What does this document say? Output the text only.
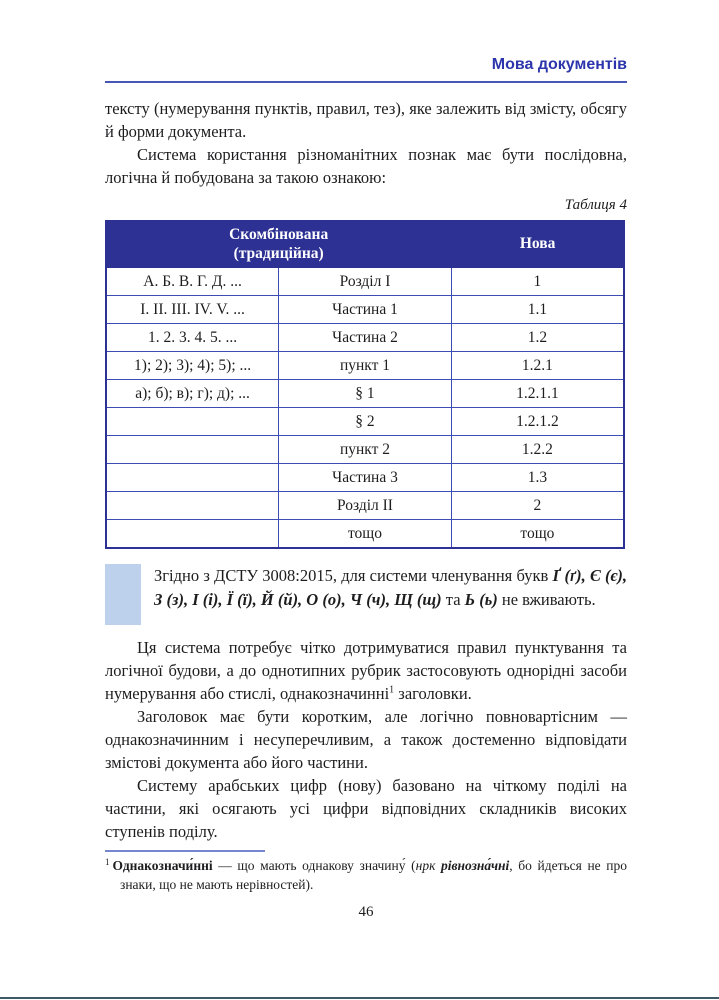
Мова документів

тексту (нумерування пунктів, правил, тез), яке залежить від змісту, обсягу й форми документа.

Система користання різноманітних познак має бути послідовна, логічна й побудована за такою ознакою:

Таблиця 4
Скомбінована
(традиційна)		Нова
А. Б. В. Г. Д. ...	Розділ I	1
I. II. III. IV. V. ...	Частина 1	1.1
1. 2. 3. 4. 5. ...	Частина 2	1.2
1); 2); 3); 4); 5); ...	пункт 1	1.2.1
а); б); в); г); д); ...	§ 1	1.2.1.1
	§ 2	1.2.1.2
	пункт 2	1.2.2
	Частина 3	1.3
	Розділ II	2
	тощо	тощо
Згідно з ДСТУ 3008:2015, для системи членування букв Ґ (ґ), Є (є), З (з), І (і), Ї (ї), Й (й), О (о), Ч (ч), Щ (щ) та Ь (ь) не вживають.

Ця система потребує чітко дотримуватися правил пунктування та логічної будови, а до однотипних рубрик застосовують однорідні засоби нумерування або стислі, однакозначинні$^1$ заголовки.

Заголовок має бути коротким, але логічно повновартісним — однакозначинним і несуперечливим, а також достеменно відповідати змістові документа або його частини.

Систему арабських цифр (нову) базовано на чіткому поділі на частини, які осягають усі цифри відповідних складників високих ступенів поділу.

$^1$ Однакозначи́нні — що мають однакову значину́ (нрк рівнозна́чні, бо йдеться не про знаки, що не мають нерівностей).
46
